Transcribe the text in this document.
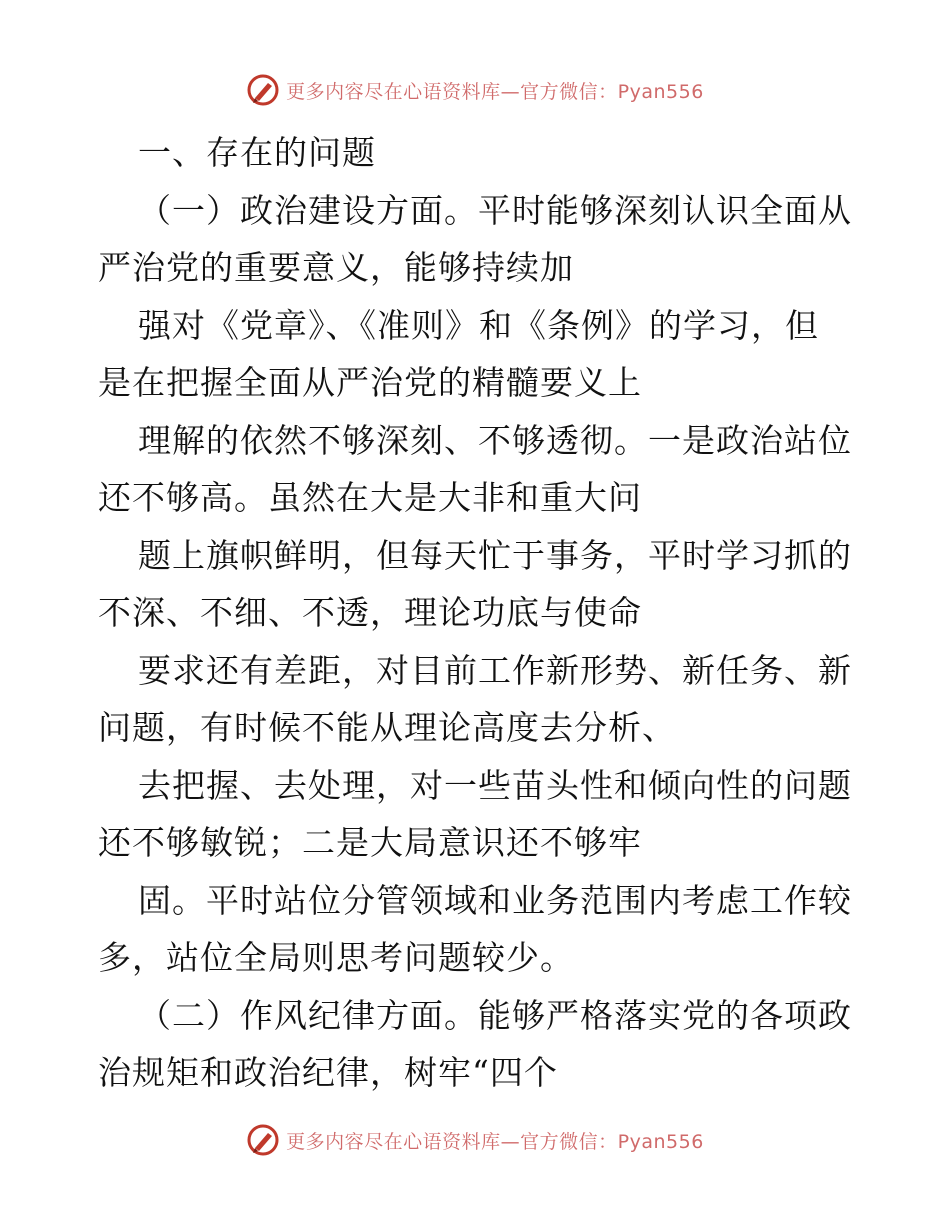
更多内容尽在心语资料库—官方微信：Pyan556
一、存在的问题
（一）政治建设方面。平时能够深刻认识全面从
严治党的重要意义，能够持续加
强对《党章》、《准则》和《条例》的学习，但
是在把握全面从严治党的精髓要义上
理解的依然不够深刻、不够透彻。一是政治站位
还不够高。虽然在大是大非和重大问
题上旗帜鲜明，但每天忙于事务，平时学习抓的
不深、不细、不透，理论功底与使命
要求还有差距，对目前工作新形势、新任务、新
问题，有时候不能从理论高度去分析、
去把握、去处理，对一些苗头性和倾向性的问题
还不够敏锐；二是大局意识还不够牢
固。平时站位分管领域和业务范围内考虑工作较
多，站位全局则思考问题较少。
（二）作风纪律方面。能够严格落实党的各项政
治规矩和政治纪律，树牢“四个
更多内容尽在心语资料库—官方微信：Pyan556
